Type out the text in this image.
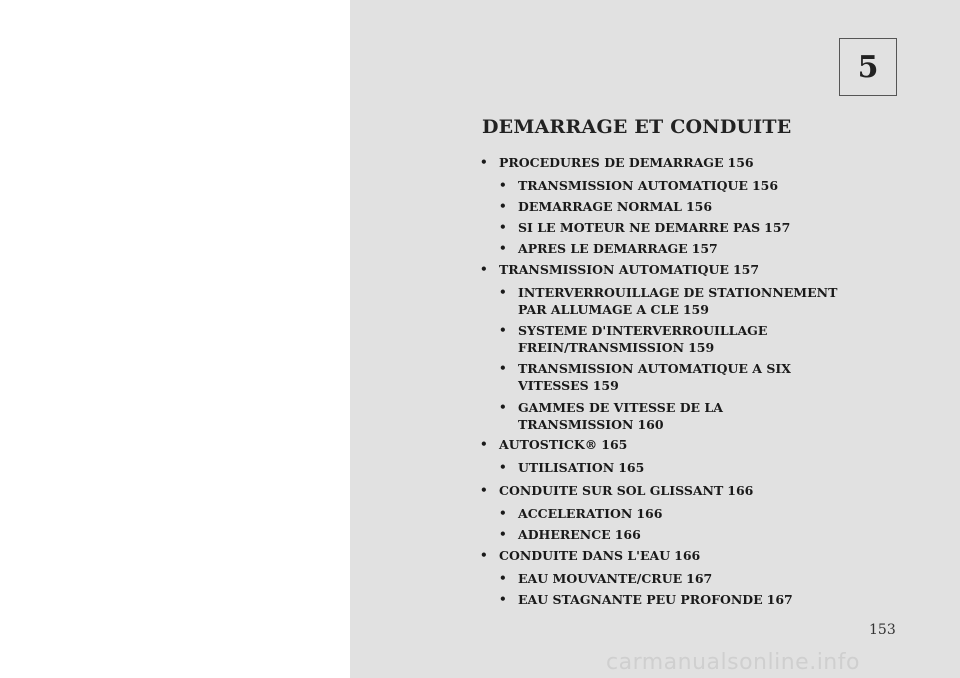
5
DEMARRAGE ET CONDUITE
• PROCEDURES DE DEMARRAGE 156
• TRANSMISSION AUTOMATIQUE 156
• DEMARRAGE NORMAL 156
• SI LE MOTEUR NE DEMARRE PAS 157
• APRES LE DEMARRAGE 157
• TRANSMISSION AUTOMATIQUE 157
• INTERVERROUILLAGE DE STATIONNEMENT
PAR ALLUMAGE A CLE 159
• SYSTEME D'INTERVERROUILLAGE
FREIN/TRANSMISSION 159
• TRANSMISSION AUTOMATIQUE A SIX
VITESSES 159
• GAMMES DE VITESSE DE LA
TRANSMISSION 160
• AUTOSTICK® 165
• UTILISATION 165
• CONDUITE SUR SOL GLISSANT 166
• ACCELERATION 166
• ADHERENCE 166
• CONDUITE DANS L'EAU 166
• EAU MOUVANTE/CRUE 167
• EAU STAGNANTE PEU PROFONDE 167
153
carmanualsonline.info
